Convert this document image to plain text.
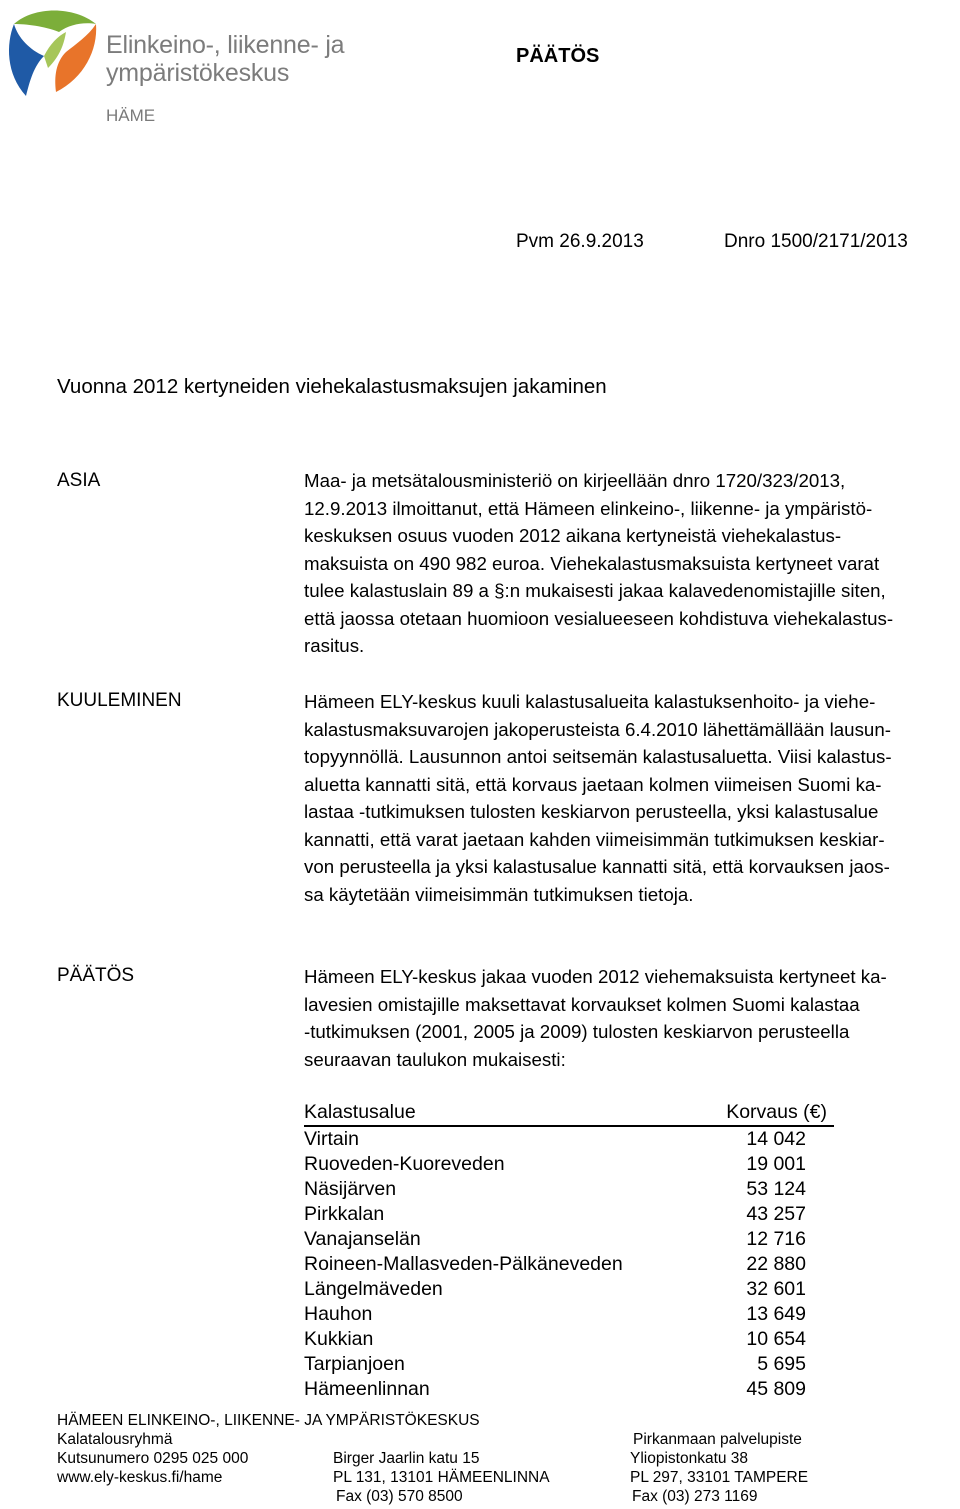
Elinkeino-, liikenne- ja
ympäristökeskus
HÄME
PÄÄTÖS
Pvm 26.9.2013	Dnro 1500/2171/2013
Vuonna 2012 kertyneiden viehekalastusmaksujen jakaminen
ASIA	Maa- ja metsätalousministeriö on kirjeellään dnro 1720/323/2013,
12.9.2013 ilmoittanut, että Hämeen elinkeino-, liikenne- ja ympäristö-
keskuksen osuus vuoden 2012 aikana kertyneistä viehekalastus-
maksuista on 490 982 euroa. Viehekalastusmaksuista kertyneet varat
tulee kalastuslain 89 a §:n mukaisesti jakaa kalavedenomistajille siten,
että jaossa otetaan huomioon vesialueeseen kohdistuva viehekalastus-
rasitus.
KUULEMINEN	Hämeen ELY-keskus kuuli kalastusalueita kalastuksenhoito- ja viehe-
kalastusmaksuvarojen jakoperusteista 6.4.2010 lähettämällään lausun-
topyynnöllä. Lausunnon antoi seitsemän kalastusaluetta. Viisi kalastus-
aluetta kannatti sitä, että korvaus jaetaan kolmen viimeisen Suomi ka-
lastaa -tutkimuksen tulosten keskiarvon perusteella, yksi kalastusalue
kannatti, että varat jaetaan kahden viimeisimmän tutkimuksen keskiar-
von perusteella ja yksi kalastusalue kannatti sitä, että korvauksen jaos-
sa käytetään viimeisimmän tutkimuksen tietoja.
PÄÄTÖS	Hämeen ELY-keskus jakaa vuoden 2012 viehemaksuista kertyneet ka-
lavesien omistajille maksettavat korvaukset kolmen Suomi kalastaa
-tutkimuksen (2001, 2005 ja 2009) tulosten keskiarvon perusteella
seuraavan taulukon mukaisesti:
Kalastusalue	Korvaus (€)
Virtain	14 042
Ruoveden-Kuoreveden	19 001
Näsijärven	53 124
Pirkkalan	43 257
Vanajanselän	12 716
Roineen-Mallasveden-Pälkäneveden	22 880
Längelmäveden	32 601
Hauhon	13 649
Kukkian	10 654
Tarpianjoen	5 695
Hämeenlinnan	45 809
HÄMEEN ELINKEINO-, LIIKENNE- JA YMPÄRISTÖKESKUS
Kalatalousryhmä
Kutsunumero 0295 025 000
www.ely-keskus.fi/hame
Birger Jaarlin katu 15
PL 131, 13101 HÄMEENLINNA
Fax (03) 570 8500
Pirkanmaan palvelupiste
Yliopistonkatu 38
PL 297, 33101 TAMPERE
Fax (03) 273 1169
